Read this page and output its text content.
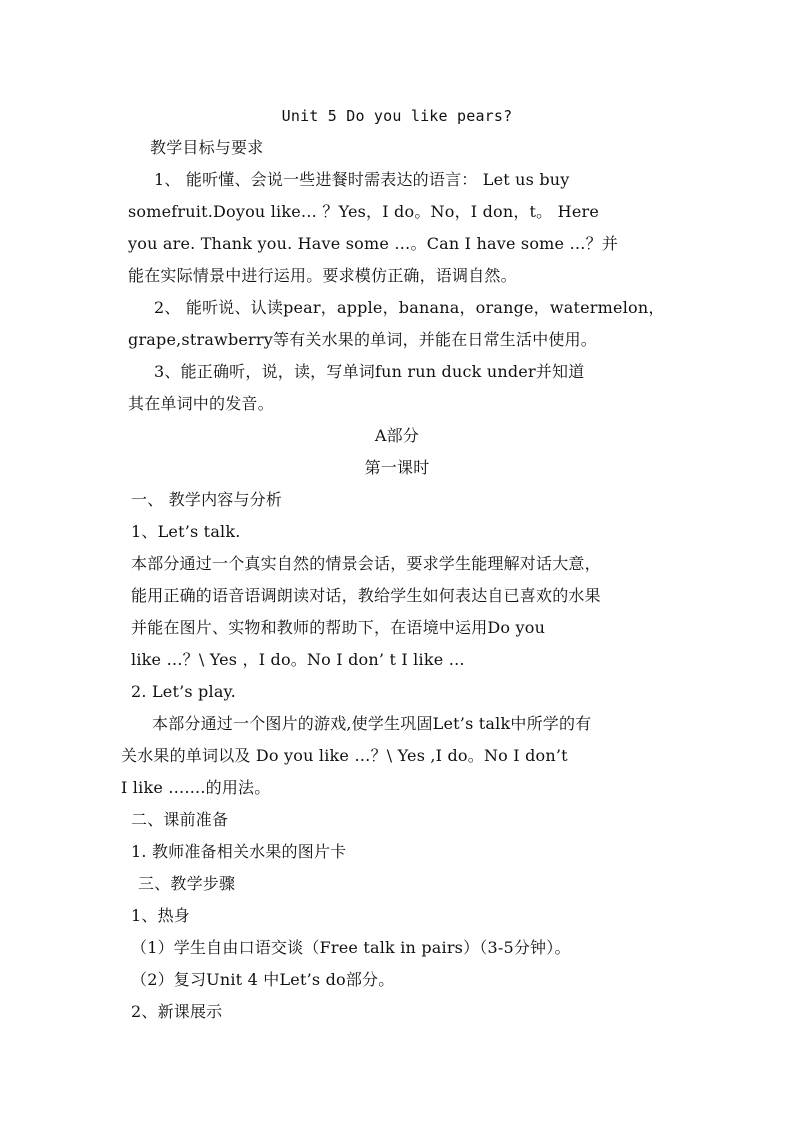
Unit 5 Do you like pears?
教学目标与要求
1、 能听懂、会说一些进餐时需表达的语言： Let us buy
somefruit.Doyou like… ？Yes，I do。No，I don，t。 Here
you are. Thank you. Have some …。Can I have some …？并
能在实际情景中进行运用。要求模仿正确，语调自然。
2、 能听说、认读pear，apple，banana，orange，watermelon，
grape,strawberry等有关水果的单词，并能在日常生活中使用。
3、能正确听，说，读，写单词fun run duck under并知道
其在单词中的发音。
A部分
第一课时
一、 教学内容与分析
1、Let’s talk.
本部分通过一个真实自然的情景会话，要求学生能理解对话大意，
能用正确的语音语调朗读对话，教给学生如何表达自已喜欢的水果
并能在图片、实物和教师的帮助下，在语境中运用Do you
like …？\ Yes ，I do。No I don’ t I like …
2. Let’s play.
本部分通过一个图片的游戏,使学生巩固Let’s talk中所学的有
关水果的单词以及 Do you like …？\ Yes ,I do。No I don’t
I like …....的用法。
二、课前准备
1. 教师准备相关水果的图片卡
三、教学步骤
1、热身
（1）学生自由口语交谈（Free talk in pairs）（3-5分钟）。
（2）复习Unit 4 中Let’s do部分。
2、新课展示
